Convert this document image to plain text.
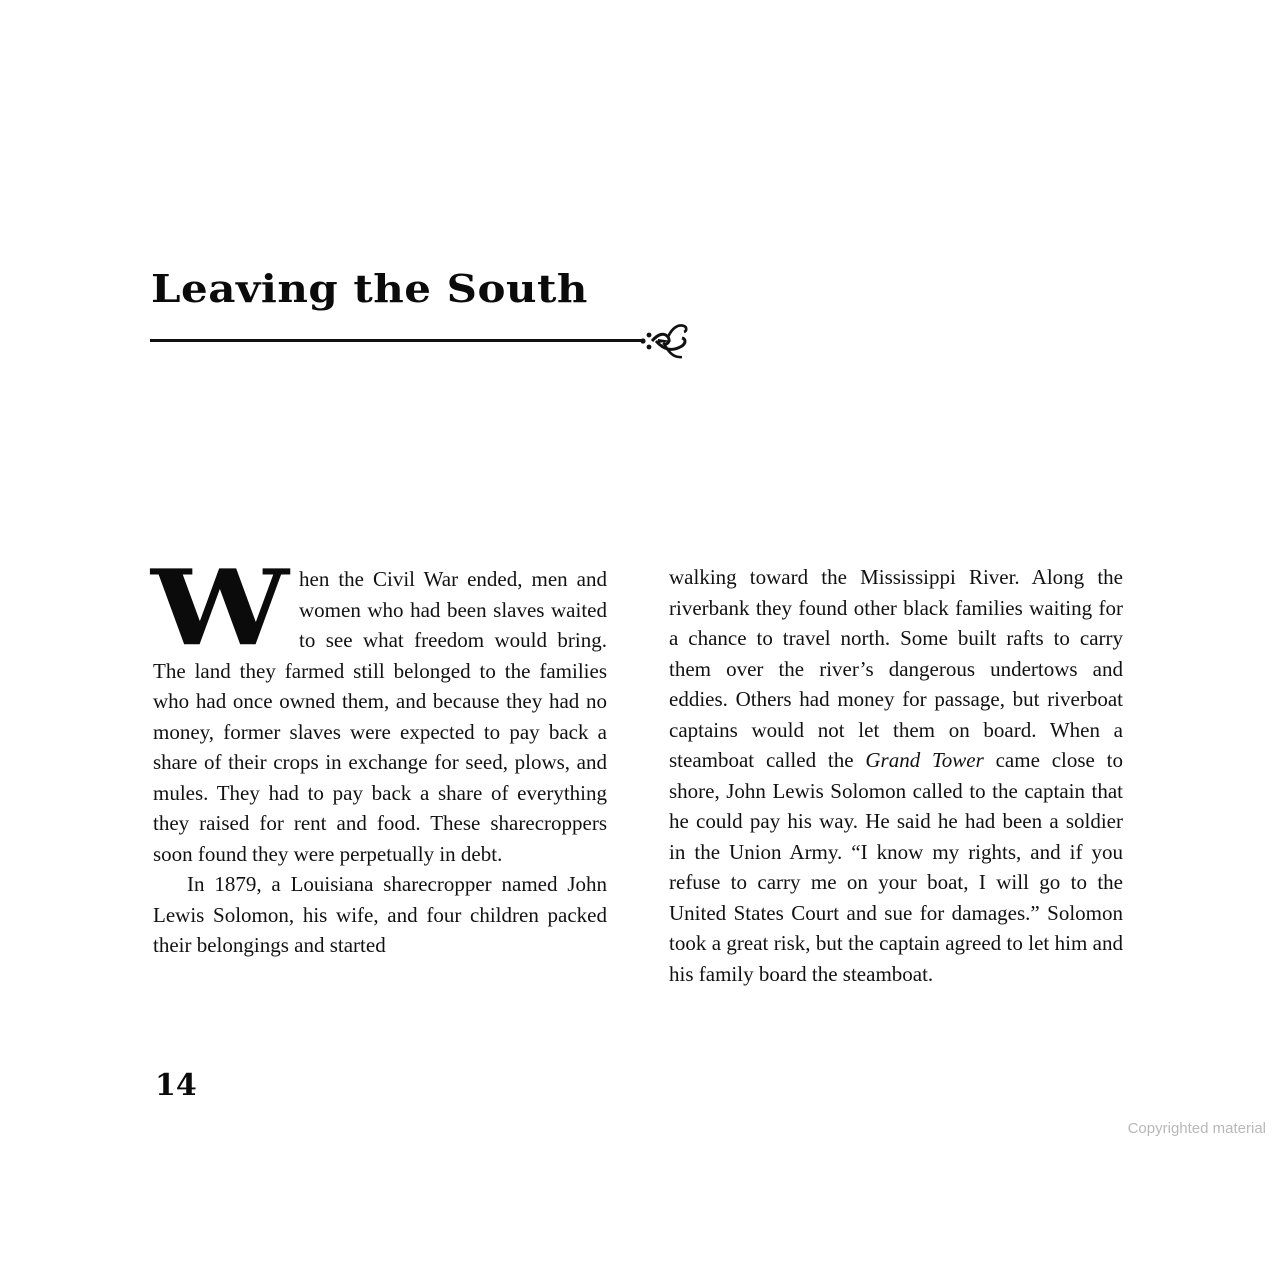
Leaving the South

When the Civil War ended, men and women who had been slaves waited to see what freedom would bring. The land they farmed still belonged to the families who had once owned them, and because they had no money, former slaves were expected to pay back a share of their crops in exchange for seed, plows, and mules. They had to pay back a share of everything they raised for rent and food. These sharecroppers soon found they were perpetually in debt.

In 1879, a Louisiana sharecropper named John Lewis Solomon, his wife, and four children packed their belongings and started

walking toward the Mississippi River. Along the riverbank they found other black families waiting for a chance to travel north. Some built rafts to carry them over the river’s dangerous undertows and eddies. Others had money for passage, but riverboat captains would not let them on board. When a steamboat called the Grand Tower came close to shore, John Lewis Solomon called to the captain that he could pay his way. He said he had been a soldier in the Union Army. “I know my rights, and if you refuse to carry me on your boat, I will go to the United States Court and sue for damages.” Solomon took a great risk, but the captain agreed to let him and his family board the steamboat.

14
Copyrighted material
